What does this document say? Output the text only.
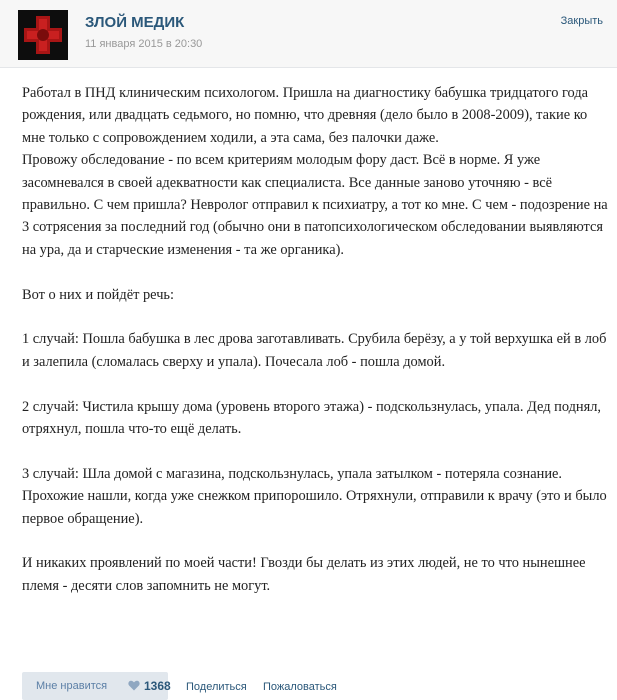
ЗЛОЙ МЕДИК
11 января 2015 в 20:30
Закрыть

Работал в ПНД клиническим психологом. Пришла на диагностику бабушка тридцатого года рождения, или двадцать седьмого, но помню, что древняя (дело было в 2008-2009), такие ко мне только с сопровождением ходили, а эта сама, без палочки даже.

Провожу обследование - по всем критериям молодым фору даст. Всё в норме. Я уже засомневался в своей адекватности как специалиста. Все данные заново уточняю - всё правильно. С чем пришла? Невролог отправил к психиатру, а тот ко мне. С чем - подозрение на 3 сотрясения за последний год (обычно они в патопсихологическом обследовании выявляются на ура, да и старческие изменения - та же органика).

Вот о них и пойдёт речь:

1 случай: Пошла бабушка в лес дрова заготавливать. Срубила берёзу, а у той верхушка ей в лоб и залепила (сломалась сверху и упала). Почесала лоб - пошла домой.

2 случай: Чистила крышу дома (уровень второго этажа) - подскользнулась, упала. Дед поднял, отряхнул, пошла что-то ещё делать.

3 случай: Шла домой с магазина, подскользнулась, упала затылком - потеряла сознание. Прохожие нашли, когда уже снежком припорошило. Отряхнули, отправили к врачу (это и было первое обращение).

И никаких проявлений по моей части! Гвозди бы делать из этих людей, не то что нынешнее племя - десяти слов запомнить не могут.

Мне нравится	1368 Поделиться Пожаловаться
